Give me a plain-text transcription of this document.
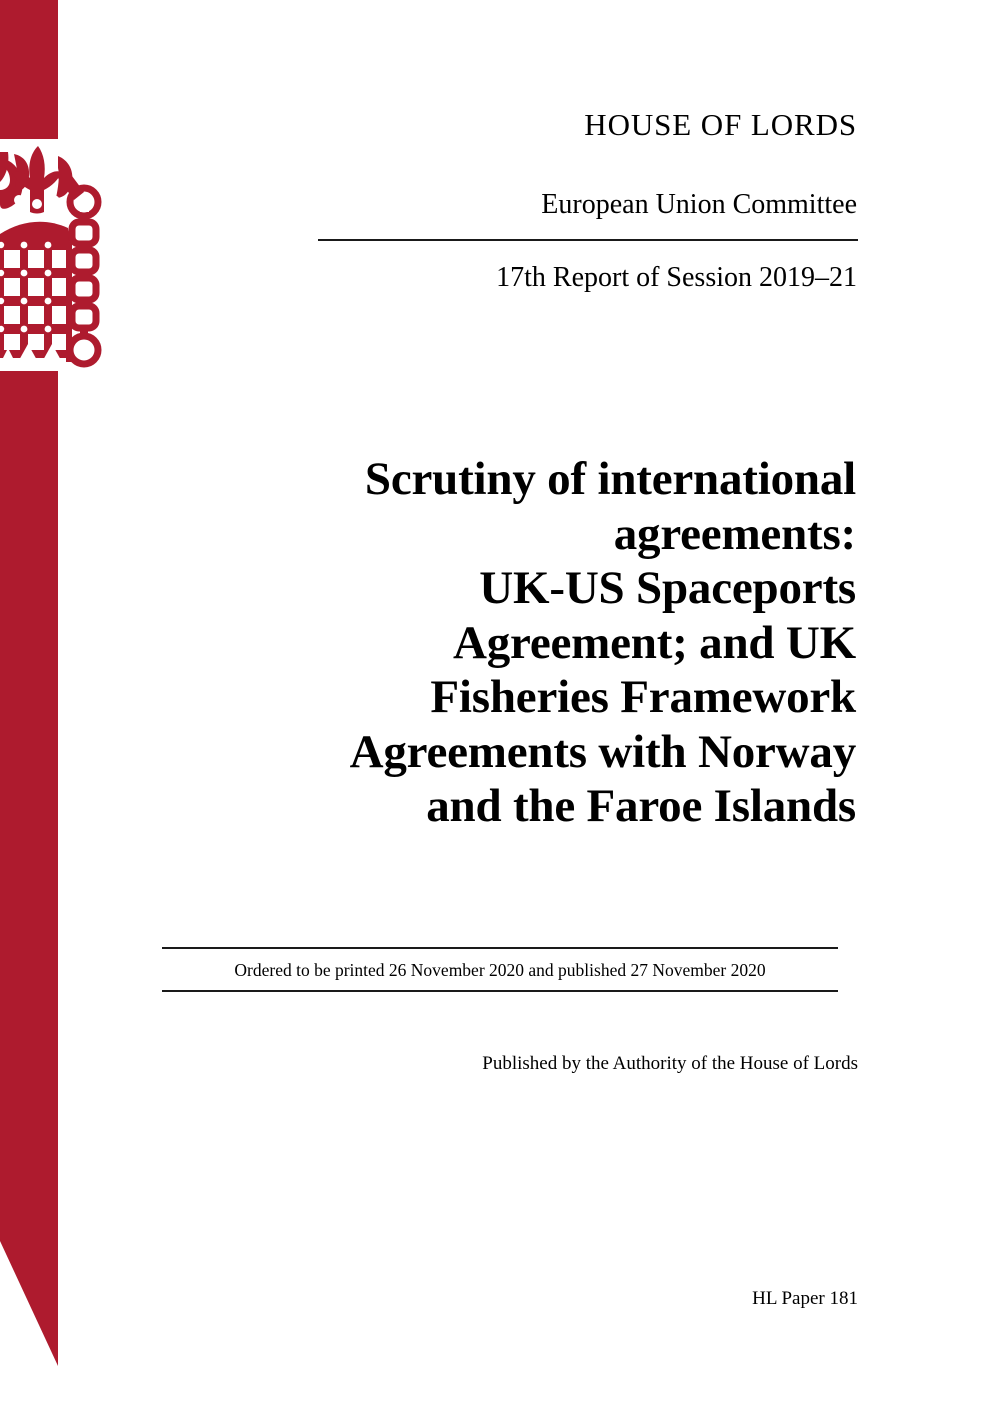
HOUSE OF LORDS
European Union Committee
17th Report of Session 2019–21
Scrutiny of international
agreements:
UK-US Spaceports
Agreement; and UK
Fisheries Framework
Agreements with Norway
and the Faroe Islands
Ordered to be printed 26 November 2020 and published 27 November 2020
Published by the Authority of the House of Lords
HL Paper 181
